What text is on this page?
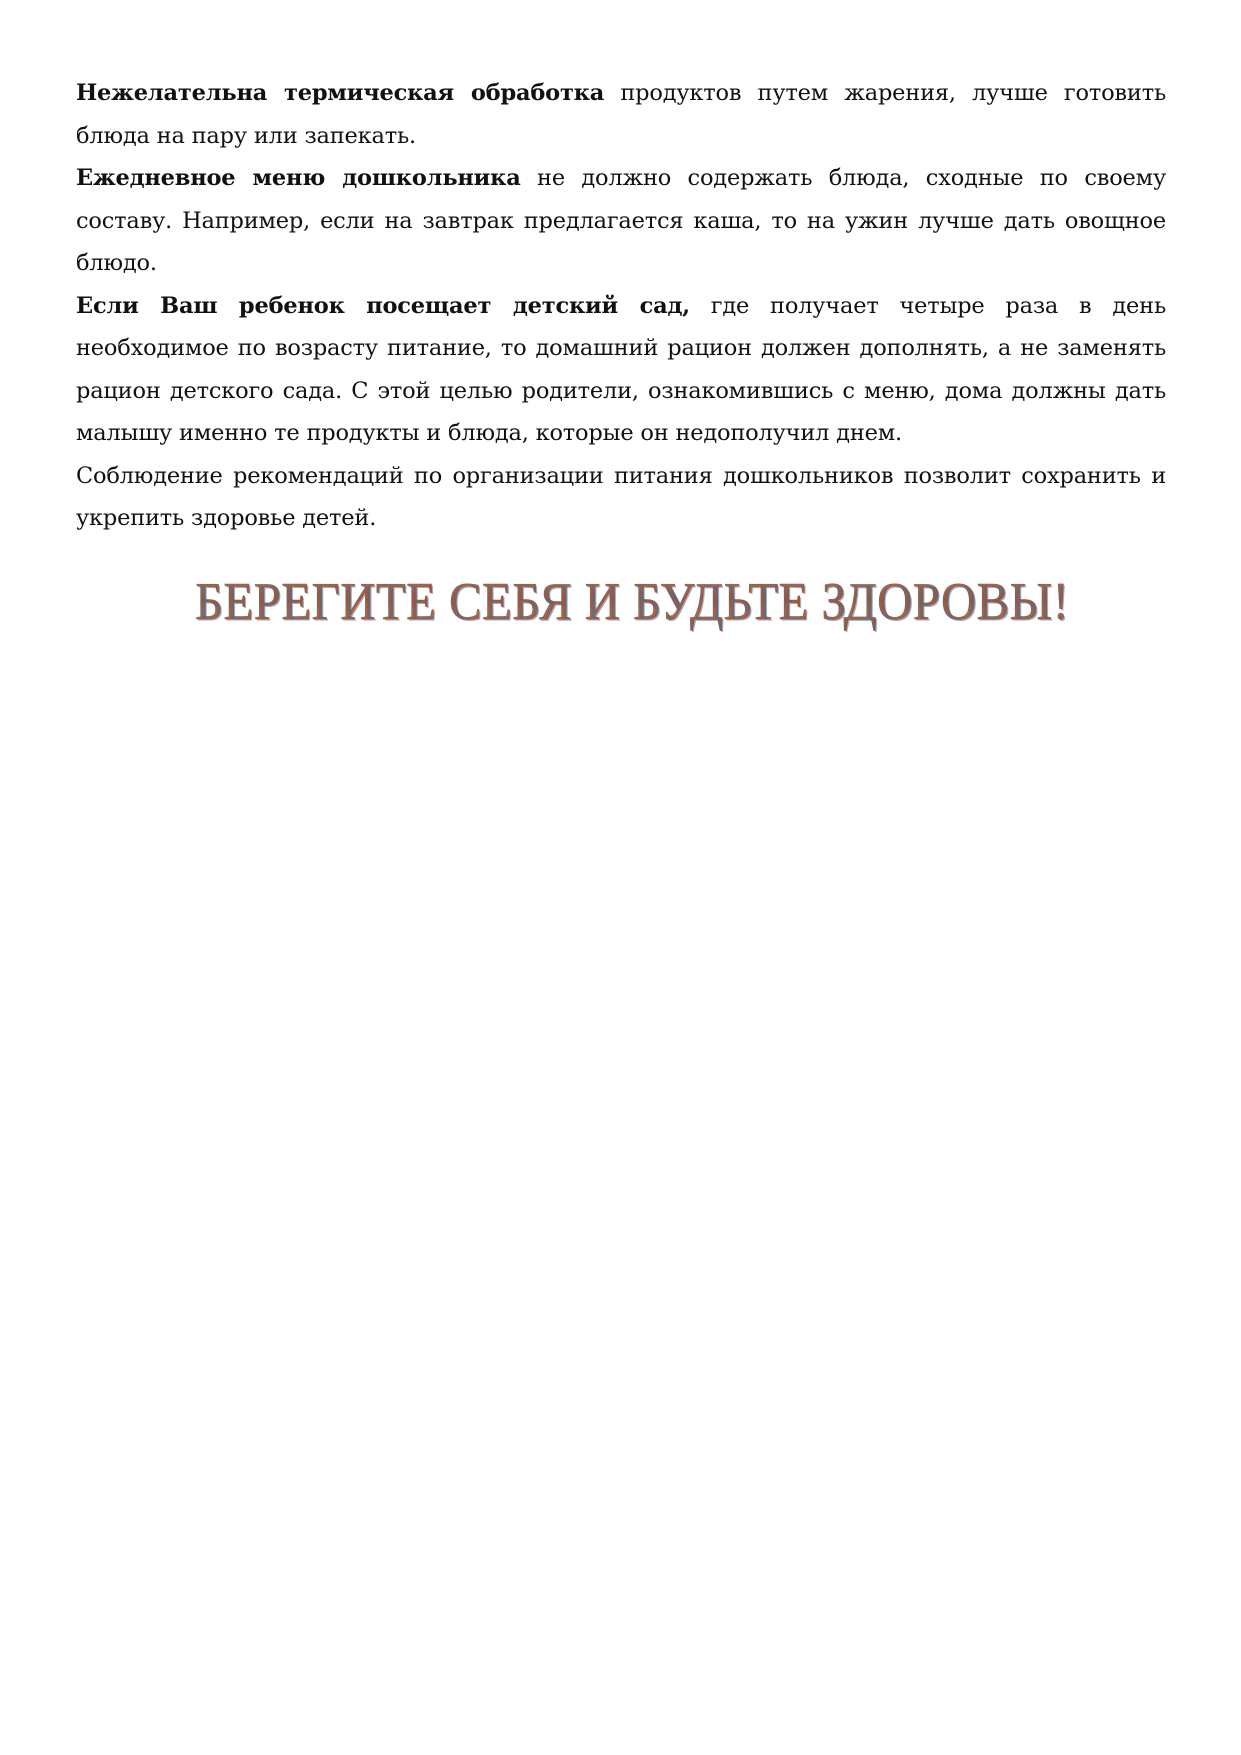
Нежелательна термическая обработка продуктов путем жарения, лучше готовить блюда на пару или запекать.

Ежедневное меню дошкольника не должно содержать блюда, сходные по своему составу. Например, если на завтрак предлагается каша, то на ужин лучше дать овощное блюдо.

Если Ваш ребенок посещает детский сад, где получает четыре раза в день необходимое по возрасту питание, то домашний рацион должен дополнять, а не заменять рацион детского сада. С этой целью родители, ознакомившись с меню, дома должны дать малышу именно те продукты и блюда, которые он недополучил днем.

Соблюдение рекомендаций по организации питания дошкольников позволит сохранить и укрепить здоровье детей.

БЕРЕГИТЕ СЕБЯ И БУДЬТЕ ЗДОРОВЫ!
